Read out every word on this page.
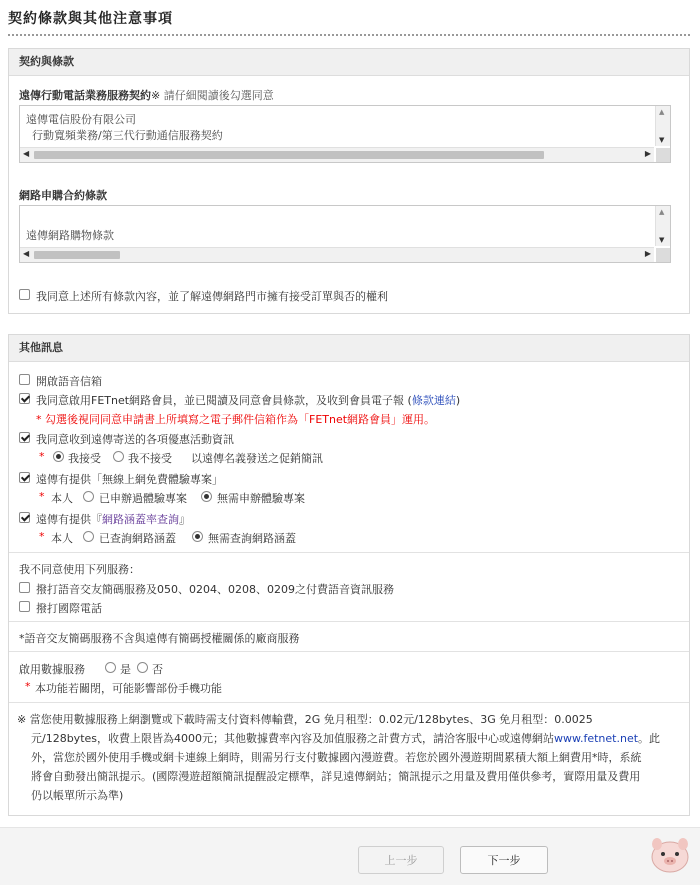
契約條款與其他注意事項
契約與條款
遠傳行動電話業務服務契約※ 請仔細閱讀後勾選同意
遠傳電信股份有限公司
行動寬頻業務/第三代行動通信服務契約
▲
▼
◀	▶
網路申購合約條款
遠傳網路購物條款
▲
▼
◀	▶
我同意上述所有條款內容，並了解遠傳網路門市擁有接受訂單與否的權利
其他訊息
開啟語音信箱
我同意啟用FETnet網路會員，並已閱讀及同意會員條款，及收到會員電子報 (條款連結)
* 勾選後視同同意申請書上所填寫之電子郵件信箱作為「FETnet網路會員」運用。
我同意收到遠傳寄送的各項優惠活動資訊
* 我接受 我不接受 以遠傳名義發送之促銷簡訊
遠傳有提供「無線上網免費體驗專案」
* 本人 已申辦過體驗專案	無需申辦體驗專案
遠傳有提供『網路涵蓋率查詢』
* 本人 已查詢網路涵蓋	無需查詢網路涵蓋
我不同意使用下列服務：
撥打語音交友簡碼服務及050、0204、0208、0209之付費語音資訊服務
撥打國際電話
*語音交友簡碼服務不含與遠傳有簡碼授權關係的廠商服務
啟用數據服務	是 否
* 本功能若關閉，可能影響部份手機功能
※ 當您使用數據服務上網瀏覽或下載時需支付資料傳輸費，2G 免月租型：0.02元/128bytes、3G 免月租型：0.0025
元/128bytes，收費上限皆為4000元；其他數據費率內容及加值服務之計費方式，請洽客服中心或遠傳網站www.fetnet.net。此
外，當您於國外使用手機或網卡連線上網時，則需另行支付數據國內漫遊費。若您於國外漫遊期間累積大額上網費用*時，系統
將會自動發出簡訊提示。(國際漫遊超額簡訊提醒設定標準，詳見遠傳網站；簡訊提示之用量及費用僅供參考，實際用量及費用
仍以帳單所示為準)
上一步	下一步
